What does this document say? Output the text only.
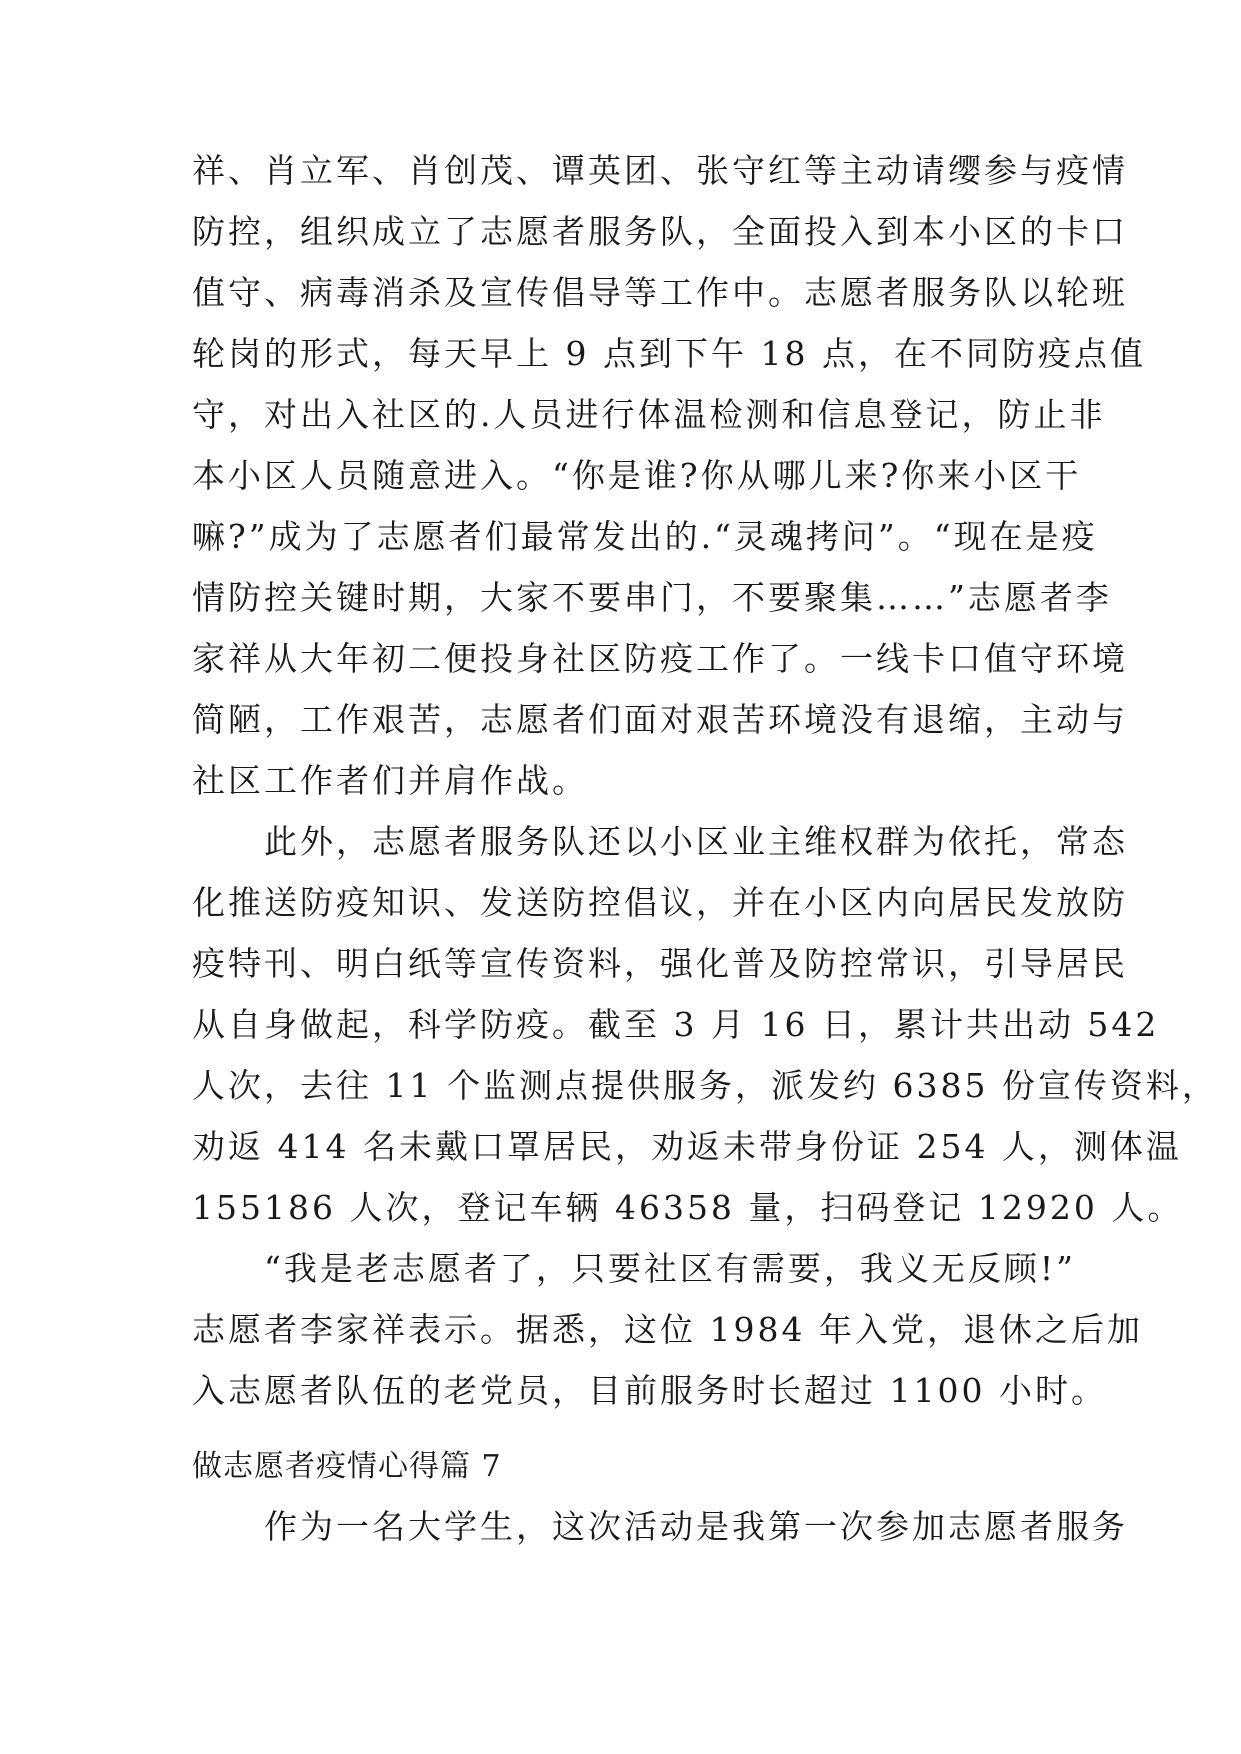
祥、肖立军、肖创茂、谭英团、张守红等主动请缨参与疫情
防控，组织成立了志愿者服务队，全面投入到本小区的卡口
值守、病毒消杀及宣传倡导等工作中。志愿者服务队以轮班
轮岗的形式，每天早上 9 点到下午 18 点，在不同防疫点值
守，对出入社区的.人员进行体温检测和信息登记，防止非
本小区人员随意进入。“你是谁?你从哪儿来?你来小区干
嘛?”成为了志愿者们最常发出的.“灵魂拷问”。“现在是疫
情防控关键时期，大家不要串门，不要聚集……”志愿者李
家祥从大年初二便投身社区防疫工作了。一线卡口值守环境
简陋，工作艰苦，志愿者们面对艰苦环境没有退缩，主动与
社区工作者们并肩作战。
　　此外，志愿者服务队还以小区业主维权群为依托，常态
化推送防疫知识、发送防控倡议，并在小区内向居民发放防
疫特刊、明白纸等宣传资料，强化普及防控常识，引导居民
从自身做起，科学防疫。截至 3 月 16 日，累计共出动 542
人次，去往 11 个监测点提供服务，派发约 6385 份宣传资料，
劝返 414 名未戴口罩居民，劝返未带身份证 254 人，测体温
155186 人次，登记车辆 46358 量，扫码登记 12920 人。
　　“我是老志愿者了，只要社区有需要，我义无反顾!”
志愿者李家祥表示。据悉，这位 1984 年入党，退休之后加
入志愿者队伍的老党员，目前服务时长超过 1100 小时。
做志愿者疫情心得篇 7
　　作为一名大学生，这次活动是我第一次参加志愿者服务
